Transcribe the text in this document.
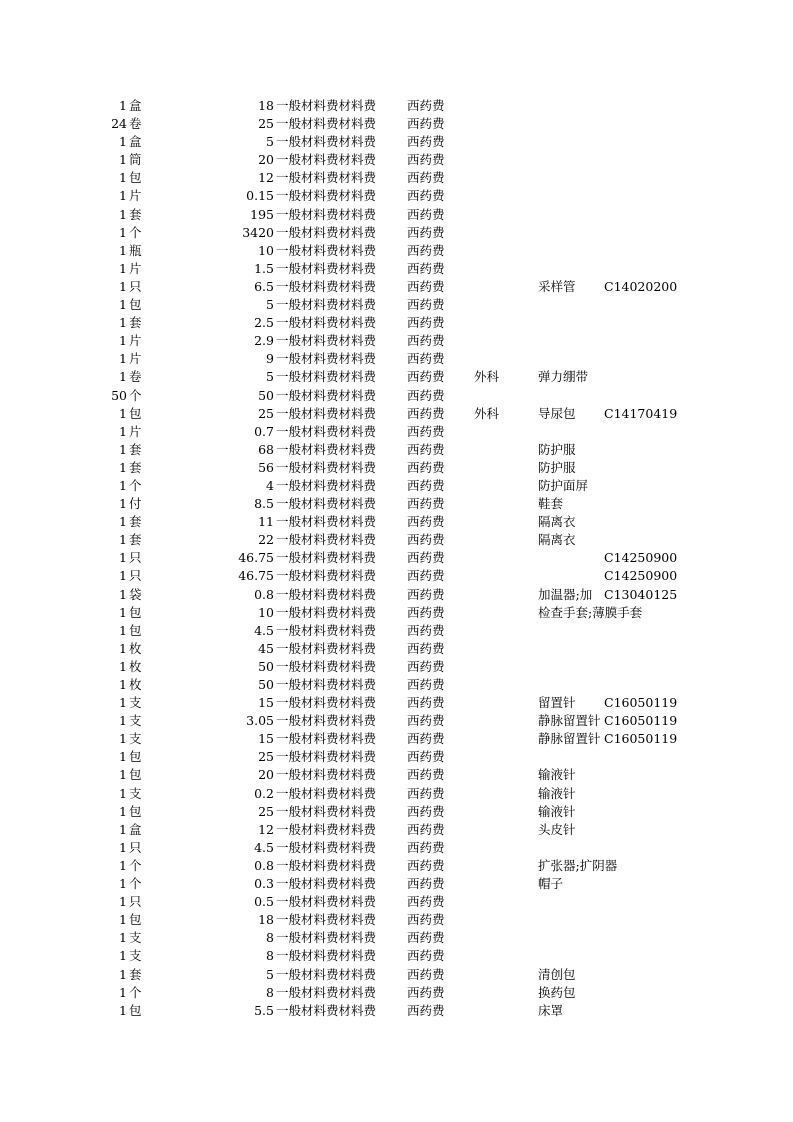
1 盒	18 一般材料费材料费	西药费
24 卷	25 一般材料费材料费	西药费
1 盒	5 一般材料费材料费	西药费
1 筒	20 一般材料费材料费	西药费
1 包	12 一般材料费材料费	西药费
1 片	0.15 一般材料费材料费	西药费
1 套	195 一般材料费材料费	西药费
1 个	3420 一般材料费材料费	西药费
1 瓶	10 一般材料费材料费	西药费
1 片	1.5 一般材料费材料费	西药费
1 只	6.5 一般材料费材料费	西药费	采样管	C14020200
1 包	5 一般材料费材料费	西药费
1 套	2.5 一般材料费材料费	西药费
1 片	2.9 一般材料费材料费	西药费
1 片	9 一般材料费材料费	西药费
1 卷	5 一般材料费材料费	西药费 外科	弹力绷带
50 个	50 一般材料费材料费	西药费
1 包	25 一般材料费材料费	西药费 外科	导尿包	C14170419
1 片	0.7 一般材料费材料费	西药费
1 套	68 一般材料费材料费	西药费	防护服
1 套	56 一般材料费材料费	西药费	防护服
1 个	4 一般材料费材料费	西药费	防护面屏
1 付	8.5 一般材料费材料费	西药费	鞋套
1 套	11 一般材料费材料费	西药费	隔离衣
1 套	22 一般材料费材料费	西药费	隔离衣
1 只	46.75 一般材料费材料费	西药费	C14250900
1 只	46.75 一般材料费材料费	西药费	C14250900
1 袋	0.8 一般材料费材料费	西药费	加温器;加 C13040125
1 包	10 一般材料费材料费	西药费	检查手套;薄膜手套
1 包	4.5 一般材料费材料费	西药费
1 枚	45 一般材料费材料费	西药费
1 枚	50 一般材料费材料费	西药费
1 枚	50 一般材料费材料费	西药费
1 支	15 一般材料费材料费	西药费	留置针	C16050119
1 支	3.05 一般材料费材料费	西药费	静脉留置针 C16050119
1 支	15 一般材料费材料费	西药费	静脉留置针 C16050119
1 包	25 一般材料费材料费	西药费
1 包	20 一般材料费材料费	西药费	输液针
1 支	0.2 一般材料费材料费	西药费	输液针
1 包	25 一般材料费材料费	西药费	输液针
1 盒	12 一般材料费材料费	西药费	头皮针
1 只	4.5 一般材料费材料费	西药费
1 个	0.8 一般材料费材料费	西药费	扩张器;扩阴器
1 个	0.3 一般材料费材料费	西药费	帽子
1 只	0.5 一般材料费材料费	西药费
1 包	18 一般材料费材料费	西药费
1 支	8 一般材料费材料费	西药费
1 支	8 一般材料费材料费	西药费
1 套	5 一般材料费材料费	西药费	清创包
1 个	8 一般材料费材料费	西药费	换药包
1 包	5.5 一般材料费材料费	西药费	床罩
